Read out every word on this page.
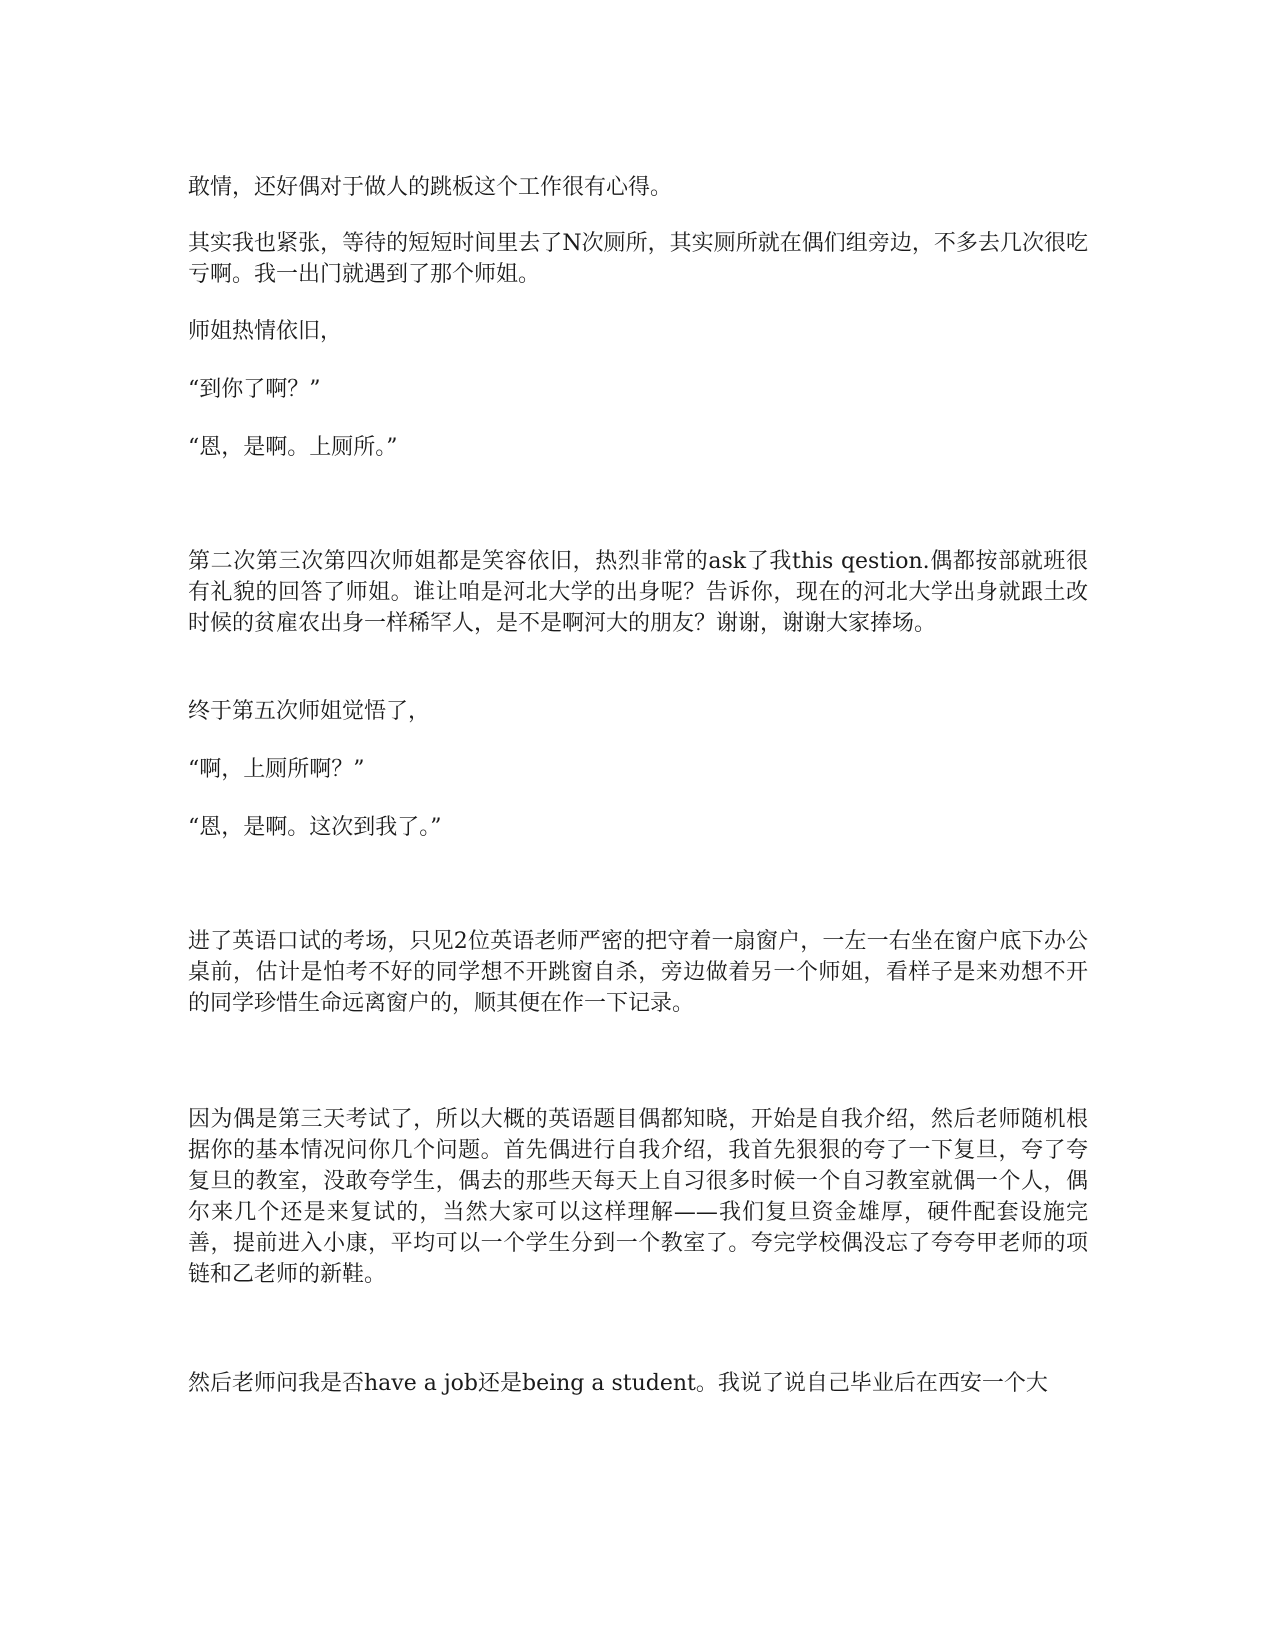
敢情，还好偶对于做人的跳板这个工作很有心得。

其实我也紧张，等待的短短时间里去了N次厕所，其实厕所就在偶们组旁边，不多去几次很吃亏啊。我一出门就遇到了那个师姐。

师姐热情依旧，

“到你了啊？”

“恩，是啊。上厕所。”

第二次第三次第四次师姐都是笑容依旧，热烈非常的ask了我this qestion.偶都按部就班很有礼貌的回答了师姐。谁让咱是河北大学的出身呢？告诉你，现在的河北大学出身就跟土改时候的贫雇农出身一样稀罕人，是不是啊河大的朋友？谢谢，谢谢大家捧场。

终于第五次师姐觉悟了，

“啊，上厕所啊？”

“恩，是啊。这次到我了。”

进了英语口试的考场，只见2位英语老师严密的把守着一扇窗户，一左一右坐在窗户底下办公桌前，估计是怕考不好的同学想不开跳窗自杀，旁边做着另一个师姐，看样子是来劝想不开的同学珍惜生命远离窗户的，顺其便在作一下记录。

因为偶是第三天考试了，所以大概的英语题目偶都知晓，开始是自我介绍，然后老师随机根据你的基本情况问你几个问题。首先偶进行自我介绍，我首先狠狠的夸了一下复旦，夸了夸复旦的教室，没敢夸学生，偶去的那些天每天上自习很多时候一个自习教室就偶一个人，偶尔来几个还是来复试的，当然大家可以这样理解——我们复旦资金雄厚，硬件配套设施完善，提前进入小康，平均可以一个学生分到一个教室了。夸完学校偶没忘了夸夸甲老师的项链和乙老师的新鞋。

然后老师问我是否have a job还是being a student。我说了说自己毕业后在西安一个大
